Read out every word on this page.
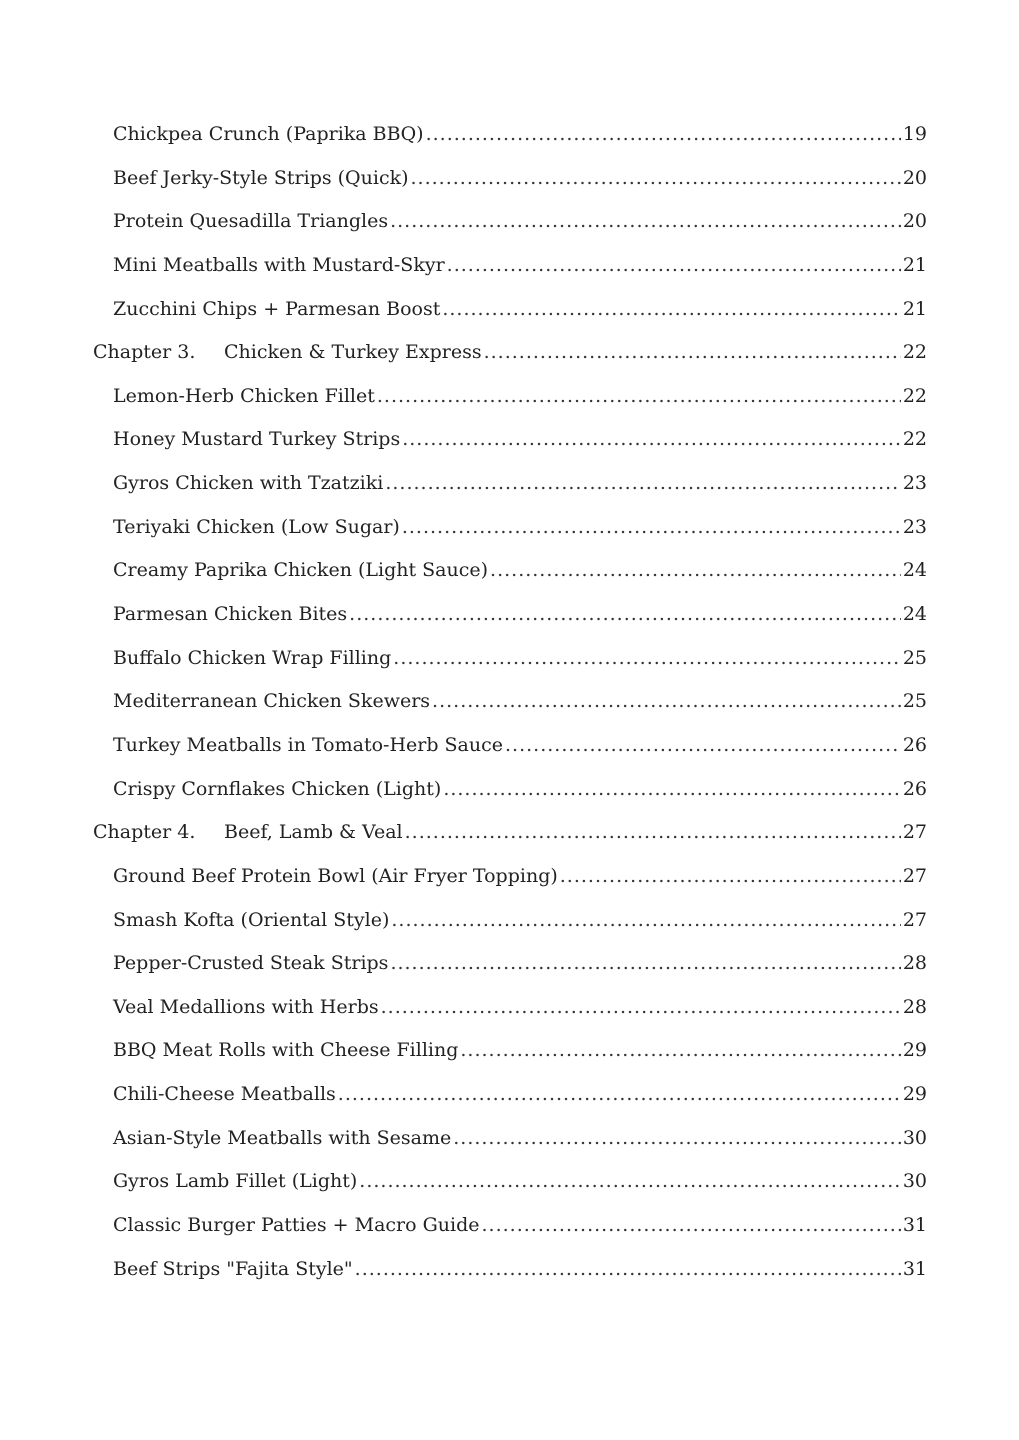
Chickpea Crunch (Paprika BBQ) .....	19
Beef Jerky-Style Strips (Quick) .....	20
Protein Quesadilla Triangles .....	20
Mini Meatballs with Mustard-Skyr .....	21
Zucchini Chips + Parmesan Boost .....	21
Chapter 3.	Chicken & Turkey Express .....	22
Lemon-Herb Chicken Fillet .....	22
Honey Mustard Turkey Strips .....	22
Gyros Chicken with Tzatziki .....	23
Teriyaki Chicken (Low Sugar) .....	23
Creamy Paprika Chicken (Light Sauce) .....	24
Parmesan Chicken Bites .....	24
Buffalo Chicken Wrap Filling .....	25
Mediterranean Chicken Skewers .....	25
Turkey Meatballs in Tomato-Herb Sauce .....	26
Crispy Cornflakes Chicken (Light) .....	26
Chapter 4.	Beef, Lamb & Veal .....	27
Ground Beef Protein Bowl (Air Fryer Topping) .....	27
Smash Kofta (Oriental Style) .....	27
Pepper-Crusted Steak Strips .....	28
Veal Medallions with Herbs .....	28
BBQ Meat Rolls with Cheese Filling .....	29
Chili-Cheese Meatballs .....	29
Asian-Style Meatballs with Sesame .....	30
Gyros Lamb Fillet (Light) .....	30
Classic Burger Patties + Macro Guide .....	31
Beef Strips "Fajita Style" .....	31
